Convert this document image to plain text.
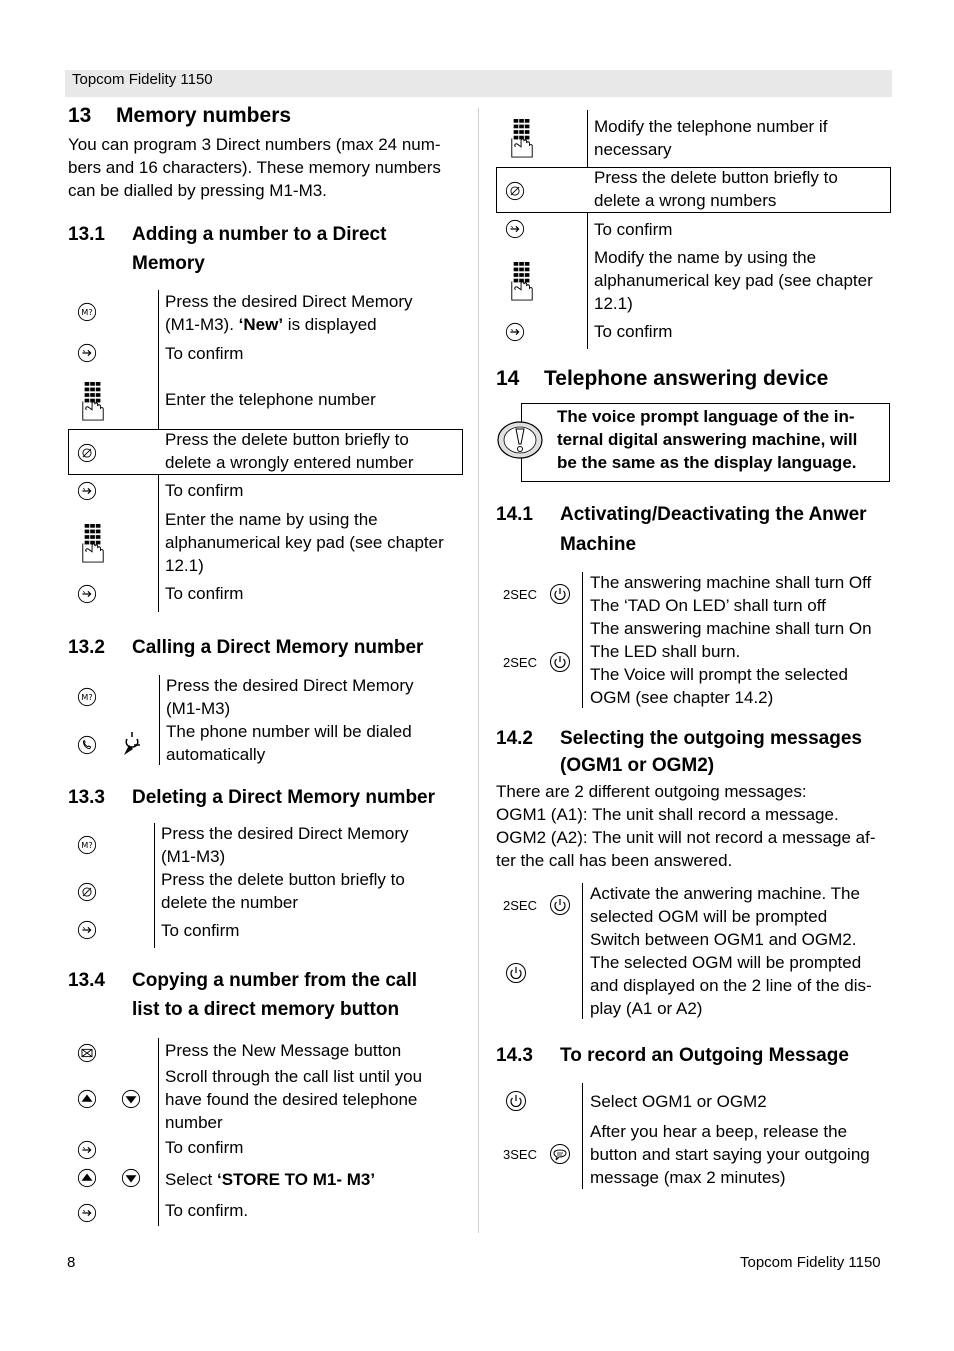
Topcom Fidelity 1150
13 Memory numbers
You can program 3 Direct numbers (max 24 num-
bers and 16 characters). These memory numbers
can be dialled by pressing M1-M3.
13.1 Adding a number to a Direct
Memory
Press the desired Direct Memory
(M1-M3). ‘New’ is displayed
To confirm
Enter the telephone number
Press the delete button briefly to
delete a wrongly entered number
To confirm
Enter the name by using the
alphanumerical key pad (see chapter
12.1)
To confirm
13.2 Calling a Direct Memory number
Press the desired Direct Memory
(M1-M3)
The phone number will be dialed
automatically
13.3 Deleting a Direct Memory number
Press the desired Direct Memory
(M1-M3)
Press the delete button briefly to
delete the number
To confirm
13.4 Copying a number from the call
list to a direct memory button
Press the New Message button
Scroll through the call list until you
have found the desired telephone
number
To confirm
Select ‘STORE TO M1- M3’
To confirm.
Modify the telephone number if
necessary
Press the delete button briefly to
delete a wrong numbers
To confirm
Modify the name by using the
alphanumerical key pad (see chapter
12.1)
To confirm
14 Telephone answering device
The voice prompt language of the in-
ternal digital answering machine, will
be the same as the display language.
14.1 Activating/Deactivating the Anwer
Machine
2SEC
The answering machine shall turn Off
The ‘TAD On LED’ shall turn off
2SEC
The answering machine shall turn On
The LED shall burn.
The Voice will prompt the selected
OGM (see chapter 14.2)
14.2 Selecting the outgoing messages
(OGM1 or OGM2)
There are 2 different outgoing messages:
OGM1 (A1): The unit shall record a message.
OGM2 (A2): The unit will not record a message af-
ter the call has been answered.
2SEC
Activate the anwering machine. The
selected OGM will be prompted
Switch between OGM1 and OGM2.
The selected OGM will be prompted
and displayed on the 2 line of the dis-
play (A1 or A2)
14.3 To record an Outgoing Message
Select OGM1 or OGM2
3SEC
After you hear a beep, release the
button and start saying your outgoing
message (max 2 minutes)
8	Topcom Fidelity 1150
